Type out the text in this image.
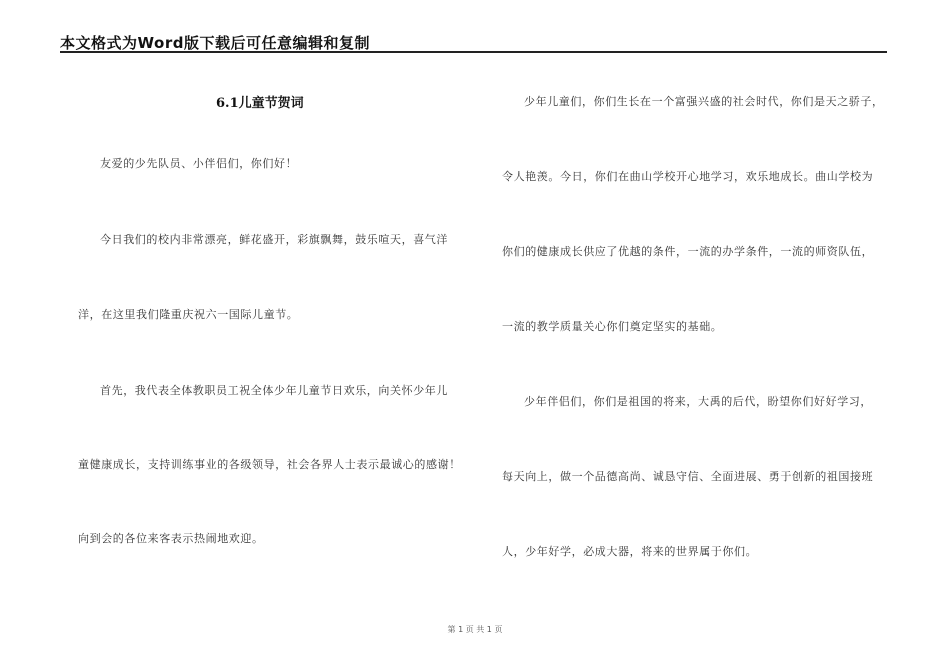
本文格式为Word版下载后可任意编辑和复制
6.1儿童节贺词
友爱的少先队员、小伴侣们，你们好！
今日我们的校内非常漂亮，鲜花盛开，彩旗飘舞，鼓乐喧天，喜气洋
洋，在这里我们隆重庆祝六一国际儿童节。
首先，我代表全体教职员工祝全体少年儿童节日欢乐，向关怀少年儿
童健康成长，支持训练事业的各级领导，社会各界人士表示最诚心的感谢！
向到会的各位来客表示热闹地欢迎。
少年儿童们，你们生长在一个富强兴盛的社会时代，你们是天之骄子，
令人艳羡。今日，你们在曲山学校开心地学习，欢乐地成长。曲山学校为
你们的健康成长供应了优越的条件，一流的办学条件，一流的师资队伍，
一流的教学质量关心你们奠定坚实的基础。
少年伴侣们，你们是祖国的将来，大禹的后代，盼望你们好好学习，
每天向上，做一个品德高尚、诚恳守信、全面进展、勇于创新的祖国接班
人，少年好学，必成大器，将来的世界属于你们。
第 1 页 共 1 页
